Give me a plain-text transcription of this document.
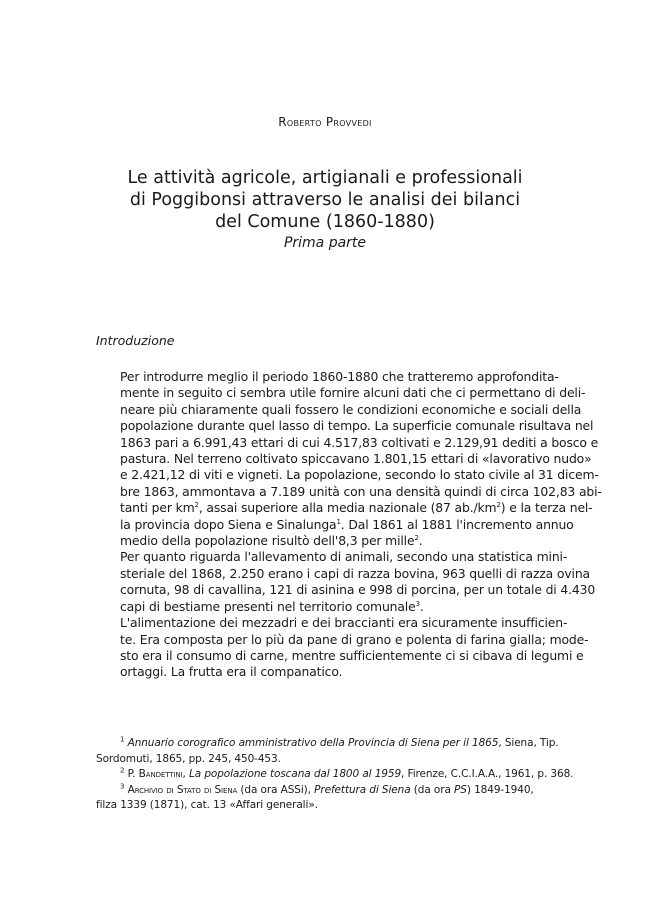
Roberto Provvedi
Le attività agricole, artigianali e professionali
di Poggibonsi attraverso le analisi dei bilanci
del Comune (1860-1880)
Prima parte
Introduzione

Per introdurre meglio il periodo 1860-1880 che tratteremo approfondita-
mente in seguito ci sembra utile fornire alcuni dati che ci permettano di deli-
neare più chiaramente quali fossero le condizioni economiche e sociali della
popolazione durante quel lasso di tempo. La superficie comunale risultava nel
1863 pari a 6.991,43 ettari di cui 4.517,83 coltivati e 2.129,91 dediti a bosco e
pastura. Nel terreno coltivato spiccavano 1.801,15 ettari di «lavorativo nudo»
e 2.421,12 di viti e vigneti. La popolazione, secondo lo stato civile al 31 dicem-
bre 1863, ammontava a 7.189 unità con una densità quindi di circa 102,83 abi-
tanti per $km^2$, assai superiore alla media nazionale (87 $ab./km^2$) e la terza nel-
la provincia dopo Siena e Sinalunga$^1$. Dal 1861 al 1881 l'incremento annuo
medio della popolazione risultò dell'8,3 per mille$^2$.

Per quanto riguarda l'allevamento di animali, secondo una statistica mini-
steriale del 1868, 2.250 erano i capi di razza bovina, 963 quelli di razza ovina
cornuta, 98 di cavallina, 121 di asinina e 998 di porcina, per un totale di 4.430
capi di bestiame presenti nel territorio comunale$^3$.

L'alimentazione dei mezzadri e dei braccianti era sicuramente insufficien-
te. Era composta per lo più da pane di grano e polenta di farina gialla; mode-
sto era il consumo di carne, mentre sufficientemente ci si cibava di legumi e
ortaggi. La frutta era il companatico.

$^1$ Annuario corografico amministrativo della Provincia di Siena per il 1865, Siena, Tip.
Sordomuti, 1865, pp. 245, 450-453.
$^2$ P. Bandettini, La popolazione toscana dal 1800 al 1959, Firenze, C.C.I.A.A., 1961, p. 368.
$^3$ Archivio di Stato di Siena (da ora ASSi), Prefettura di Siena (da ora PS) 1849-1940,
filza 1339 (1871), cat. 13 «Affari generali».
